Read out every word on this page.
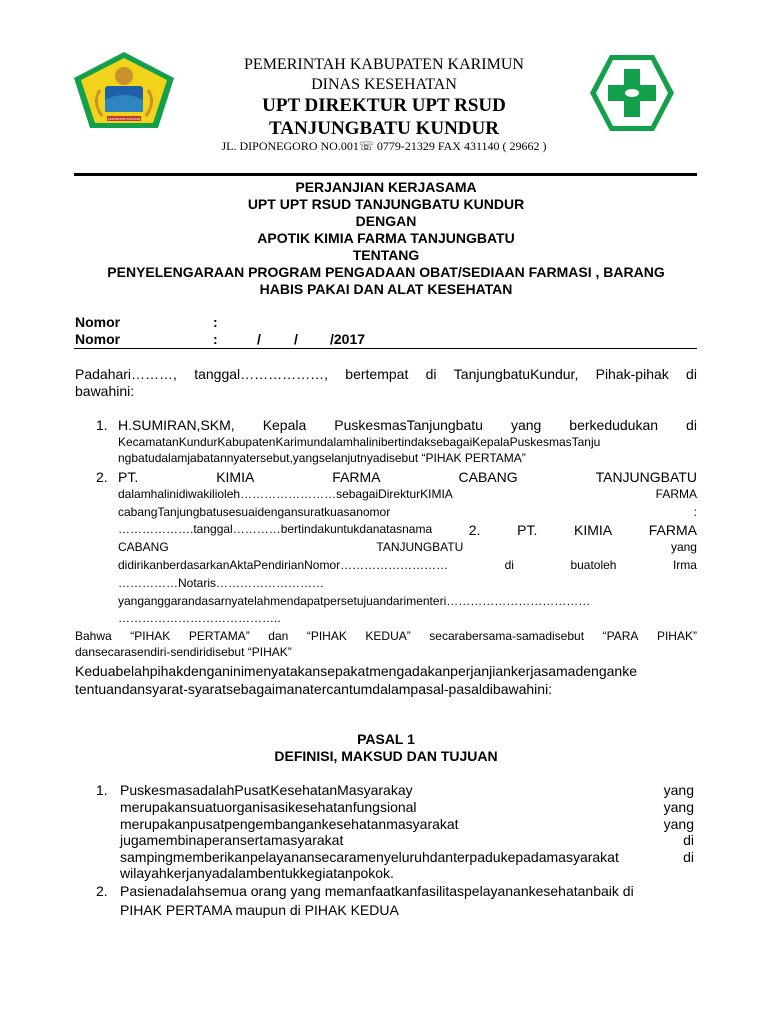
PEMERINTAH KABUPATEN KARIMUN
DINAS KESEHATAN
UPT DIREKTUR UPT RSUD
TANJUNGBATU KUNDUR
JL. DIPONEGORO NO.001☏ 0779-21329 FAX 431140 ( 29662 )
KABUPATEN KARIMUN
PERJANJIAN KERJASAMA
UPT UPT RSUD TANJUNGBATU KUNDUR
DENGAN
APOTIK KIMIA FARMA TANJUNGBATU
TENTANG
PENYELENGARAAN PROGRAM PENGADAAN OBAT/SEDIAAN FARMASI , BARANG
HABIS PAKAI DAN ALAT KESEHATAN
Nomor	:
Nomor	:	/ / /2017
Padahari………, tanggal………………, bertempat di TanjungbatuKundur, Pihak-pihak di
bawahini:
1. H.SUMIRAN,SKM, Kepala PuskesmasTanjungbatu yang berkedudukan di
KecamatanKundurKabupatenKarimundalamhalinibertindaksebagaiKepalaPuskesmasTanju
ngbatudalamjabatannyatersebut,yangselanjutnyadisebut “PIHAK PERTAMA”
2. PT.	KIMIA	FARMA	CABANG	TANJUNGBATU
dalamhalinidiwakilioleh……………………sebagaiDirekturKIMIA	FARMA
cabangTanjungbatusesuaidengansuratkuasanomor	:
……………….tanggal…………bertindakuntukdanatasnama	2.	PT.	KIMIA	FARMA
CABANG	TANJUNGBATU	yang
didirikanberdasarkanAktaPendirianNomor………………………	di	buatoleh	Irma
……………Notaris………………………
yanganggarandasarnyatelahmendapatpersetujuandarimenteri………………………………
…………………………………..
Bahwa “PIHAK PERTAMA” dan “PIHAK KEDUA” secarabersama-samadisebut “PARA PIHAK”
dansecarasendiri-sendiridisebut “PIHAK”
Keduabelahpihakdenganinimenyatakansepakatmengadakanperjanjiankerjasamadenganke
tentuandansyarat-syaratsebagaimanatercantumdalampasal-pasaldibawahini:
PASAL 1
DEFINISI, MAKSUD DAN TUJUAN
1. PuskesmasadalahPusatKesehatanMasyarakay	yang
merupakansuatuorganisasikesehatanfungsional	yang
merupakanpusatpengembangankesehatanmasyarakat	yang
jugamembinaperansertamasyarakat	di
sampingmemberikanpelayanansecaramenyeluruhdanterpadukepadamasyarakat	di
wilayahkerjanyadalambentukkegiatanpokok.
2. Pasienadalahsemua orang yang memanfaatkanfasilitaspelayanankesehatanbaik di
PIHAK PERTAMA maupun di PIHAK KEDUA
